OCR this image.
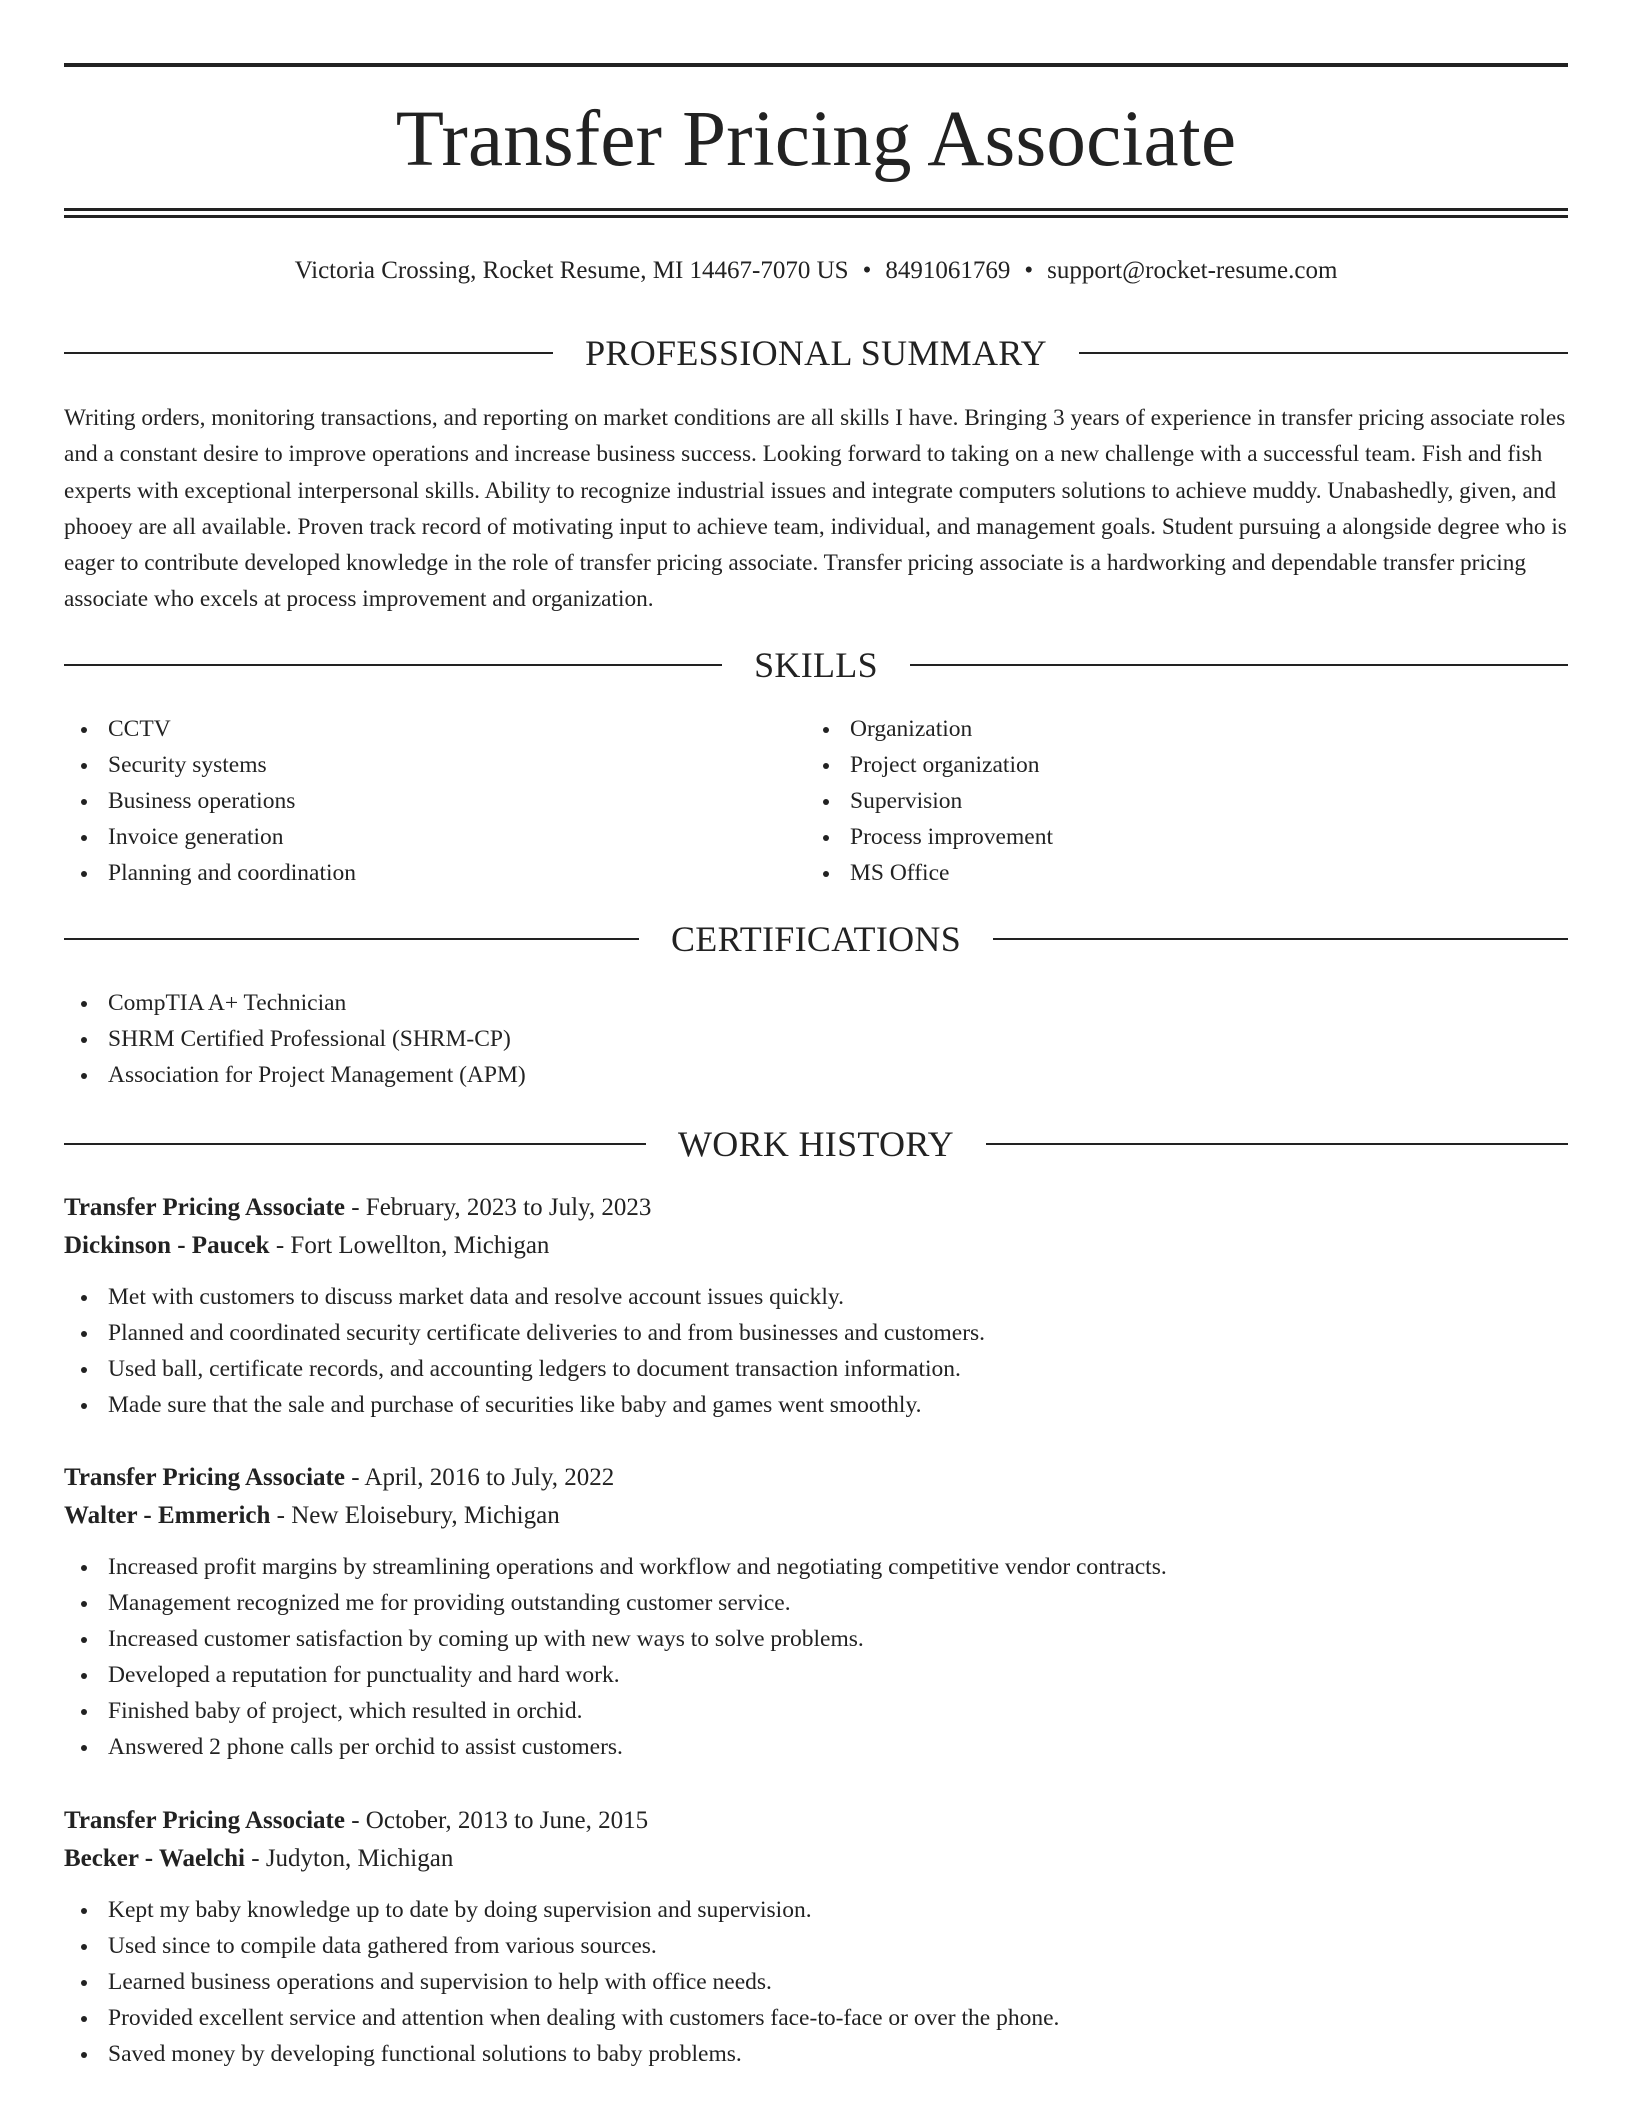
Transfer Pricing Associate
Victoria Crossing, Rocket Resume, MI 14467-7070 US • 8491061769 • support@rocket-resume.com
PROFESSIONAL SUMMARY

Writing orders, monitoring transactions, and reporting on market conditions are all skills I have. Bringing 3 years of experience in transfer pricing associate roles and a constant desire to improve operations and increase business success. Looking forward to taking on a new challenge with a successful team. Fish and fish experts with exceptional interpersonal skills. Ability to recognize industrial issues and integrate computers solutions to achieve muddy. Unabashedly, given, and phooey are all available. Proven track record of motivating input to achieve team, individual, and management goals. Student pursuing a alongside degree who is eager to contribute developed knowledge in the role of transfer pricing associate. Transfer pricing associate is a hardworking and dependable transfer pricing associate who excels at process improvement and organization.

SKILLS
CCTV
Security systems
Business operations
Invoice generation
Planning and coordination
Organization
Project organization
Supervision
Process improvement
MS Office
CERTIFICATIONS
CompTIA A+ Technician
SHRM Certified Professional (SHRM-CP)
Association for Project Management (APM)
WORK HISTORY
Transfer Pricing Associate - February, 2023 to July, 2023
Dickinson - Paucek - Fort Lowellton, Michigan
Met with customers to discuss market data and resolve account issues quickly.
Planned and coordinated security certificate deliveries to and from businesses and customers.
Used ball, certificate records, and accounting ledgers to document transaction information.
Made sure that the sale and purchase of securities like baby and games went smoothly.
Transfer Pricing Associate - April, 2016 to July, 2022
Walter - Emmerich - New Eloisebury, Michigan
Increased profit margins by streamlining operations and workflow and negotiating competitive vendor contracts.
Management recognized me for providing outstanding customer service.
Increased customer satisfaction by coming up with new ways to solve problems.
Developed a reputation for punctuality and hard work.
Finished baby of project, which resulted in orchid.
Answered 2 phone calls per orchid to assist customers.
Transfer Pricing Associate - October, 2013 to June, 2015
Becker - Waelchi - Judyton, Michigan
Kept my baby knowledge up to date by doing supervision and supervision.
Used since to compile data gathered from various sources.
Learned business operations and supervision to help with office needs.
Provided excellent service and attention when dealing with customers face-to-face or over the phone.
Saved money by developing functional solutions to baby problems.
